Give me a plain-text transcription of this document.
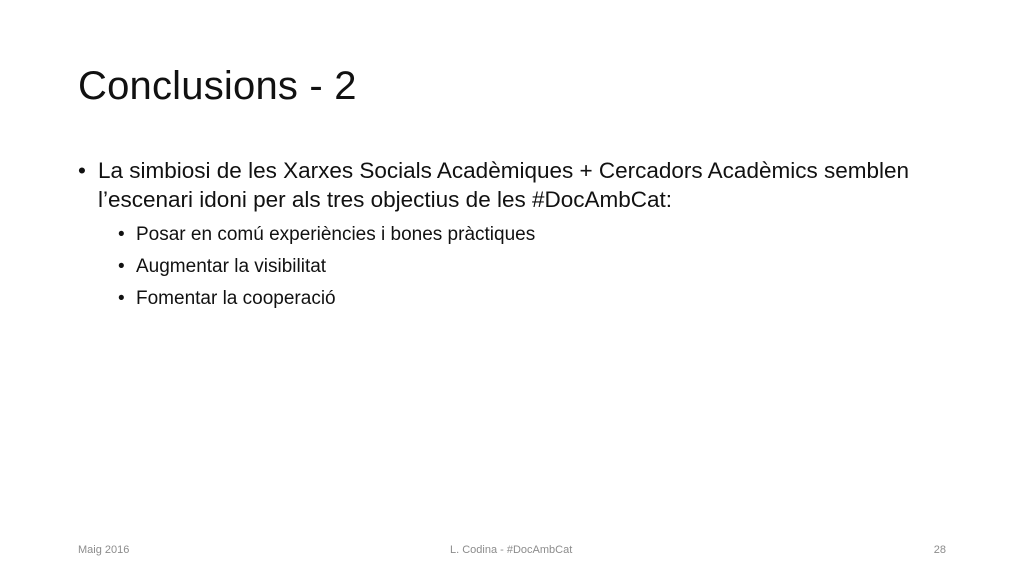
Conclusions - 2
• La simbiosi de les Xarxes Socials Acadèmiques + Cercadors Acadèmics semblen l’escenari idoni per als tres objectius de les #DocAmbCat:
• Posar en comú experiències i bones pràctiques
• Augmentar la visibilitat
• Fomentar la cooperació
Maig 2016	L. Codina - #DocAmbCat	28
